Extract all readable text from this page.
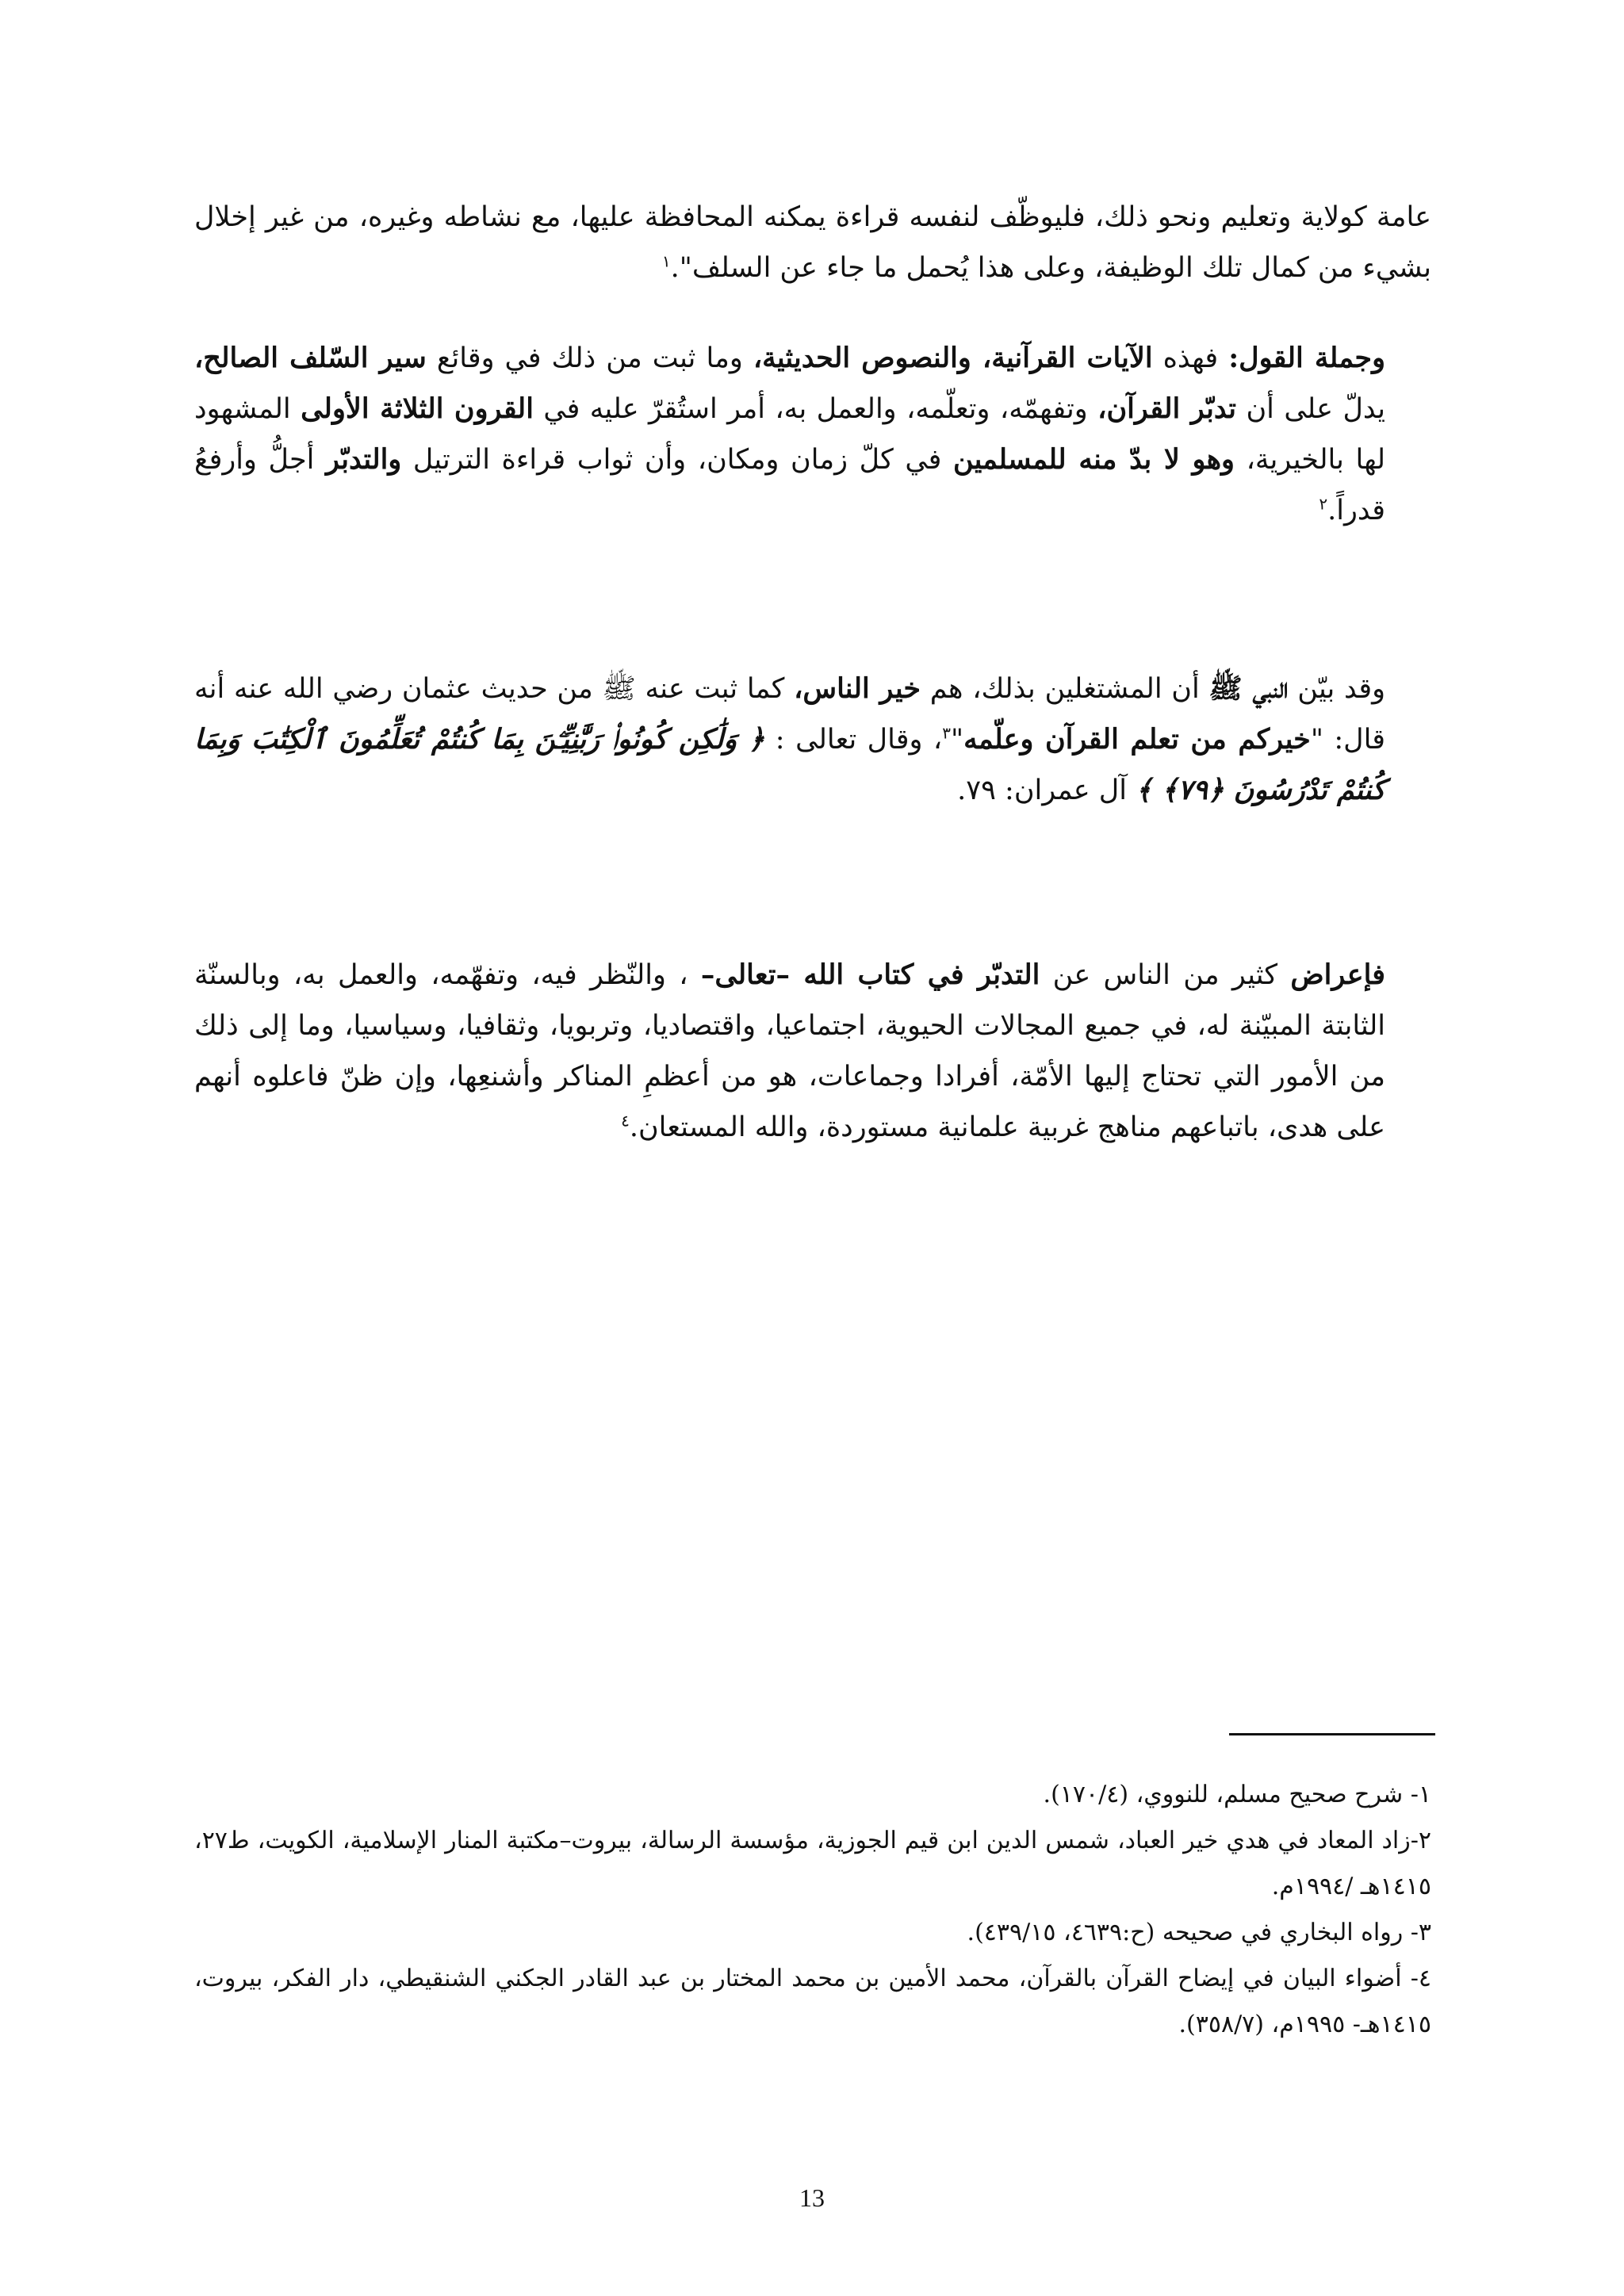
عامة كولاية وتعليم ونحو ذلك، فليوظّف لنفسه قراءة يمكنه المحافظة عليها، مع نشاطه وغيره، من غير إخلال بشيء من كمال تلك الوظيفة، وعلى هذا يُحمل ما جاء عن السلف".$^١$

وجملة القول: فهذه الآيات القرآنية، والنصوص الحديثية، وما ثبت من ذلك في وقائع سير السّلف الصالح، يدلّ على أن تدبّر القرآن، وتفهمّه، وتعلّمه، والعمل به، أمر استُقرّ عليه في القرون الثلاثة الأولى المشهود لها بالخيرية، وهو لا بدّ منه للمسلمين في كلّ زمان ومكان، وأن ثواب قراءة الترتيل والتدبّر أجلُّ وأرفعُ قدراً.$^٢$

وقد بيّن النبي ﷺ أن المشتغلين بذلك، هم خير الناس، كما ثبت عنه ﷺ من حديث عثمان رضي الله عنه أنه قال: "خيركم من تعلم القرآن وعلّمه"$^٣$، وقال تعالى : ﴿ وَلَٰكِن كُونُوا۟ رَبَّٰنِيِّـۧنَ بِمَا كُنتُمْ تُعَلِّمُونَ ٱلْكِتَٰبَ وَبِمَا كُنتُمْ تَدْرُسُونَ ﴿٧٩﴾ ﴾ آل عمران: ٧٩.

فإعراض كثير من الناس عن التدبّر في كتاب الله –تعالى– ، والنّظر فيه، وتفهّمه، والعمل به، وبالسنّة الثابتة المبيّنة له، في جميع المجالات الحيوية، اجتماعيا، واقتصاديا، وتربويا، وثقافيا، وسياسيا، وما إلى ذلك من الأمور التي تحتاج إليها الأمّة، أفرادا وجماعات، هو من أعظمِ المناكر وأشنعِها، وإن ظنّ فاعلوه أنهم على هدى، باتباعهم مناهج غربية علمانية مستوردة، والله المستعان.$^٤$

١- شرح صحيح مسلم، للنووي، (١٧٠/٤).

٢-زاد المعاد في هدي خير العباد، شمس الدين ابن قيم الجوزية، مؤسسة الرسالة، بيروت–مكتبة المنار الإسلامية، الكويت، ط٢٧، ١٤١٥هـ /١٩٩٤م.

٣- رواه البخاري في صحيحه (ح:٤٦٣٩، ٤٣٩/١٥).

٤- أضواء البيان في إيضاح القرآن بالقرآن، محمد الأمين بن محمد المختار بن عبد القادر الجكني الشنقيطي، دار الفكر، بيروت، ١٤١٥هـ- ١٩٩٥م، (٣٥٨/٧).

13
